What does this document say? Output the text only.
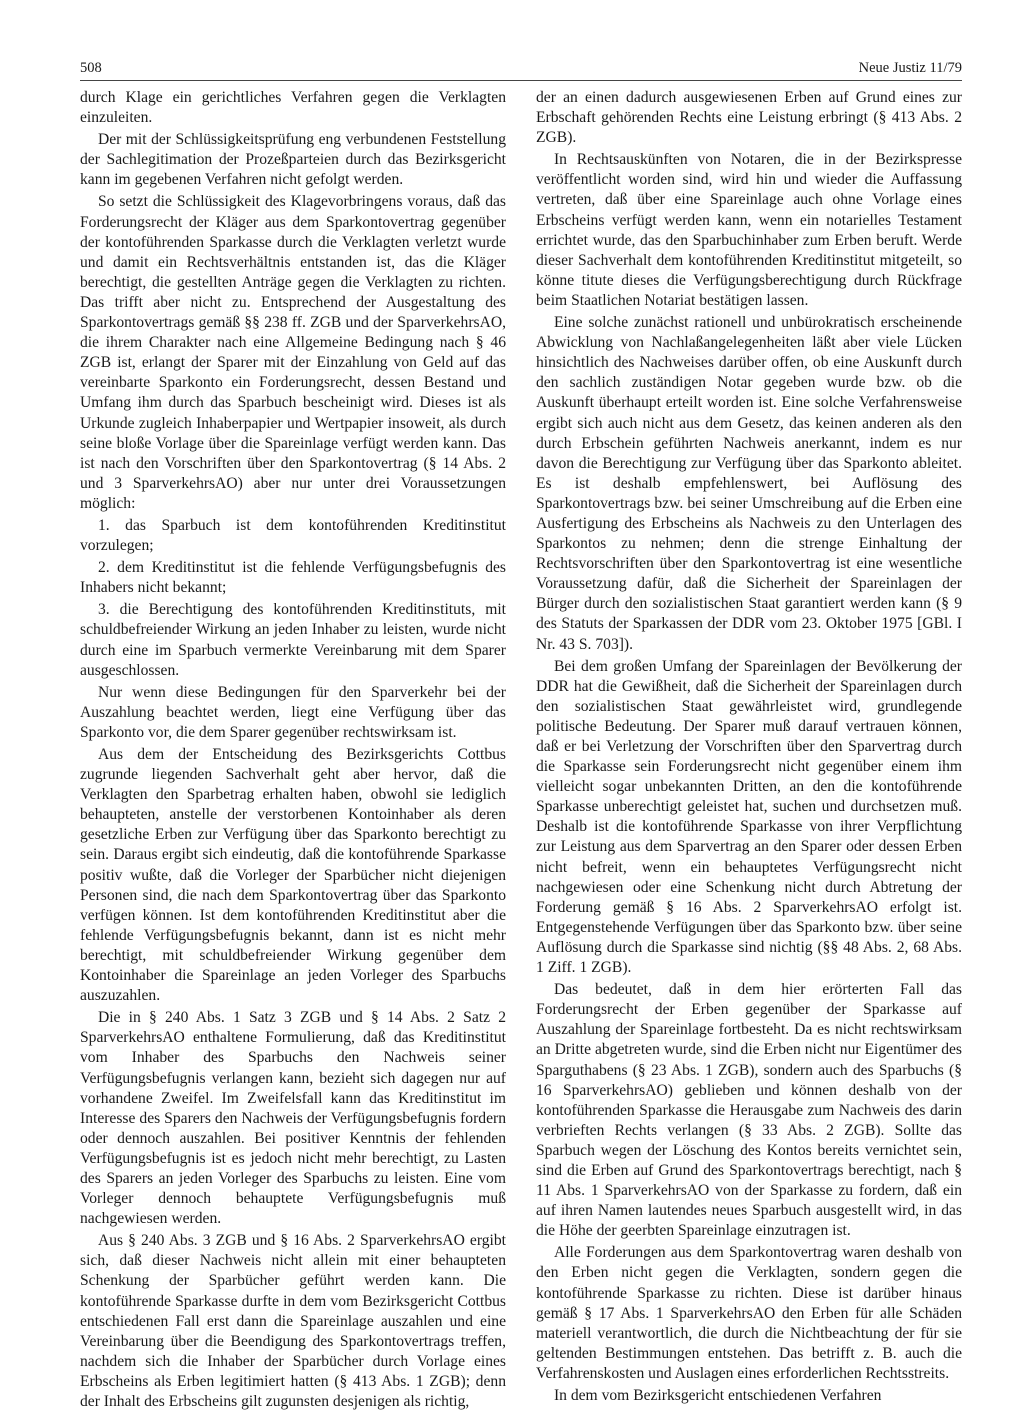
508	Neue Justiz 11/79

durch Klage ein gerichtliches Verfahren gegen die Verklagten einzuleiten.

Der mit der Schlüssigkeitsprüfung eng verbundenen Feststellung der Sachlegitimation der Prozeßparteien durch das Bezirksgericht kann im gegebenen Verfahren nicht gefolgt werden.

So setzt die Schlüssigkeit des Klagevorbringens voraus, daß das Forderungsrecht der Kläger aus dem Sparkontovertrag gegenüber der kontoführenden Sparkasse durch die Verklagten verletzt wurde und damit ein Rechtsverhältnis entstanden ist, das die Kläger berechtigt, die gestellten Anträge gegen die Verklagten zu richten. Das trifft aber nicht zu. Entsprechend der Ausgestaltung des Sparkontovertrags gemäß §§ 238 ff. ZGB und der SparverkehrsAO, die ihrem Charakter nach eine Allgemeine Bedingung nach § 46 ZGB ist, erlangt der Sparer mit der Einzahlung von Geld auf das vereinbarte Sparkonto ein Forderungsrecht, dessen Bestand und Umfang ihm durch das Sparbuch bescheinigt wird. Dieses ist als Urkunde zugleich Inhaberpapier und Wertpapier insoweit, als durch seine bloße Vorlage über die Spareinlage verfügt werden kann. Das ist nach den Vorschriften über den Sparkontovertrag (§ 14 Abs. 2 und 3 SparverkehrsAO) aber nur unter drei Voraussetzungen möglich:

1. das Sparbuch ist dem kontoführenden Kreditinstitut vorzulegen;

2. dem Kreditinstitut ist die fehlende Verfügungsbefugnis des Inhabers nicht bekannt;

3. die Berechtigung des kontoführenden Kreditinstituts, mit schuldbefreiender Wirkung an jeden Inhaber zu leisten, wurde nicht durch eine im Sparbuch vermerkte Vereinbarung mit dem Sparer ausgeschlossen.

Nur wenn diese Bedingungen für den Sparverkehr bei der Auszahlung beachtet werden, liegt eine Verfügung über das Sparkonto vor, die dem Sparer gegenüber rechtswirksam ist.

Aus dem der Entscheidung des Bezirksgerichts Cottbus zugrunde liegenden Sachverhalt geht aber hervor, daß die Verklagten den Sparbetrag erhalten haben, obwohl sie lediglich behaupteten, anstelle der verstorbenen Kontoinhaber als deren gesetzliche Erben zur Verfügung über das Sparkonto berechtigt zu sein. Daraus ergibt sich eindeutig, daß die kontoführende Sparkasse positiv wußte, daß die Vorleger der Sparbücher nicht diejenigen Personen sind, die nach dem Sparkontovertrag über das Sparkonto verfügen können. Ist dem kontoführenden Kreditinstitut aber die fehlende Verfügungsbefugnis bekannt, dann ist es nicht mehr berechtigt, mit schuldbefreiender Wirkung gegenüber dem Kontoinhaber die Spareinlage an jeden Vorleger des Sparbuchs auszuzahlen.

Die in § 240 Abs. 1 Satz 3 ZGB und § 14 Abs. 2 Satz 2 SparverkehrsAO enthaltene Formulierung, daß das Kreditinstitut vom Inhaber des Sparbuchs den Nachweis seiner Verfügungsbefugnis verlangen kann, bezieht sich dagegen nur auf vorhandene Zweifel. Im Zweifelsfall kann das Kreditinstitut im Interesse des Sparers den Nachweis der Verfügungsbefugnis fordern oder dennoch auszahlen. Bei positiver Kenntnis der fehlenden Verfügungsbefugnis ist es jedoch nicht mehr berechtigt, zu Lasten des Sparers an jeden Vorleger des Sparbuchs zu leisten. Eine vom Vorleger dennoch behauptete Verfügungsbefugnis muß nachgewiesen werden.

Aus § 240 Abs. 3 ZGB und § 16 Abs. 2 SparverkehrsAO ergibt sich, daß dieser Nachweis nicht allein mit einer behaupteten Schenkung der Sparbücher geführt werden kann. Die kontoführende Sparkasse durfte in dem vom Bezirksgericht Cottbus entschiedenen Fall erst dann die Spareinlage auszahlen und eine Vereinbarung über die Beendigung des Sparkontovertrags treffen, nachdem sich die Inhaber der Sparbücher durch Vorlage eines Erbscheins als Erben legitimiert hatten (§ 413 Abs. 1 ZGB); denn der Inhalt des Erbscheins gilt zugunsten desjenigen als richtig,

der an einen dadurch ausgewiesenen Erben auf Grund eines zur Erbschaft gehörenden Rechts eine Leistung erbringt (§ 413 Abs. 2 ZGB).

In Rechtsauskünften von Notaren, die in der Bezirkspresse veröffentlicht worden sind, wird hin und wieder die Auffassung vertreten, daß über eine Spareinlage auch ohne Vorlage eines Erbscheins verfügt werden kann, wenn ein notarielles Testament errichtet wurde, das den Sparbuchinhaber zum Erben beruft. Werde dieser Sachverhalt dem kontoführenden Kreditinstitut mitgeteilt, so könne titute dieses die Verfügungsberechtigung durch Rückfrage beim Staatlichen Notariat bestätigen lassen.

Eine solche zunächst rationell und unbürokratisch erscheinende Abwicklung von Nachlaßangelegenheiten läßt aber viele Lücken hinsichtlich des Nachweises darüber offen, ob eine Auskunft durch den sachlich zuständigen Notar gegeben wurde bzw. ob die Auskunft überhaupt erteilt worden ist. Eine solche Verfahrensweise ergibt sich auch nicht aus dem Gesetz, das keinen anderen als den durch Erbschein geführten Nachweis anerkannt, indem es nur davon die Berechtigung zur Verfügung über das Sparkonto ableitet. Es ist deshalb empfehlenswert, bei Auflösung des Sparkontovertrags bzw. bei seiner Umschreibung auf die Erben eine Ausfertigung des Erbscheins als Nachweis zu den Unterlagen des Sparkontos zu nehmen; denn die strenge Einhaltung der Rechtsvorschriften über den Sparkontovertrag ist eine wesentliche Voraussetzung dafür, daß die Sicherheit der Spareinlagen der Bürger durch den sozialistischen Staat garantiert werden kann (§ 9 des Statuts der Sparkassen der DDR vom 23. Oktober 1975 [GBl. I Nr. 43 S. 703]).

Bei dem großen Umfang der Spareinlagen der Bevölkerung der DDR hat die Gewißheit, daß die Sicherheit der Spareinlagen durch den sozialistischen Staat gewährleistet wird, grundlegende politische Bedeutung. Der Sparer muß darauf vertrauen können, daß er bei Verletzung der Vorschriften über den Sparvertrag durch die Sparkasse sein Forderungsrecht nicht gegenüber einem ihm vielleicht sogar unbekannten Dritten, an den die kontoführende Sparkasse unberechtigt geleistet hat, suchen und durchsetzen muß. Deshalb ist die kontoführende Sparkasse von ihrer Verpflichtung zur Leistung aus dem Sparvertrag an den Sparer oder dessen Erben nicht befreit, wenn ein behauptetes Verfügungsrecht nicht nachgewiesen oder eine Schenkung nicht durch Abtretung der Forderung gemäß § 16 Abs. 2 SparverkehrsAO erfolgt ist. Entgegenstehende Verfügungen über das Sparkonto bzw. über seine Auflösung durch die Sparkasse sind nichtig (§§ 48 Abs. 2, 68 Abs. 1 Ziff. 1 ZGB).

Das bedeutet, daß in dem hier erörterten Fall das Forderungsrecht der Erben gegenüber der Sparkasse auf Auszahlung der Spareinlage fortbesteht. Da es nicht rechtswirksam an Dritte abgetreten wurde, sind die Erben nicht nur Eigentümer des Sparguthabens (§ 23 Abs. 1 ZGB), sondern auch des Sparbuchs (§ 16 SparverkehrsAO) geblieben und können deshalb von der kontoführenden Sparkasse die Herausgabe zum Nachweis des darin verbrieften Rechts verlangen (§ 33 Abs. 2 ZGB). Sollte das Sparbuch wegen der Löschung des Kontos bereits vernichtet sein, sind die Erben auf Grund des Sparkontovertrags berechtigt, nach § 11 Abs. 1 SparverkehrsAO von der Sparkasse zu fordern, daß ein auf ihren Namen lautendes neues Sparbuch ausgestellt wird, in das die Höhe der geerbten Spareinlage einzutragen ist.

Alle Forderungen aus dem Sparkontovertrag waren deshalb von den Erben nicht gegen die Verklagten, sondern gegen die kontoführende Sparkasse zu richten. Diese ist darüber hinaus gemäß § 17 Abs. 1 SparverkehrsAO den Erben für alle Schäden materiell verantwortlich, die durch die Nichtbeachtung der für sie geltenden Bestimmungen entstehen. Das betrifft z. B. auch die Verfahrenskosten und Auslagen eines erforderlichen Rechtsstreits.

In dem vom Bezirksgericht entschiedenen Verfahren
